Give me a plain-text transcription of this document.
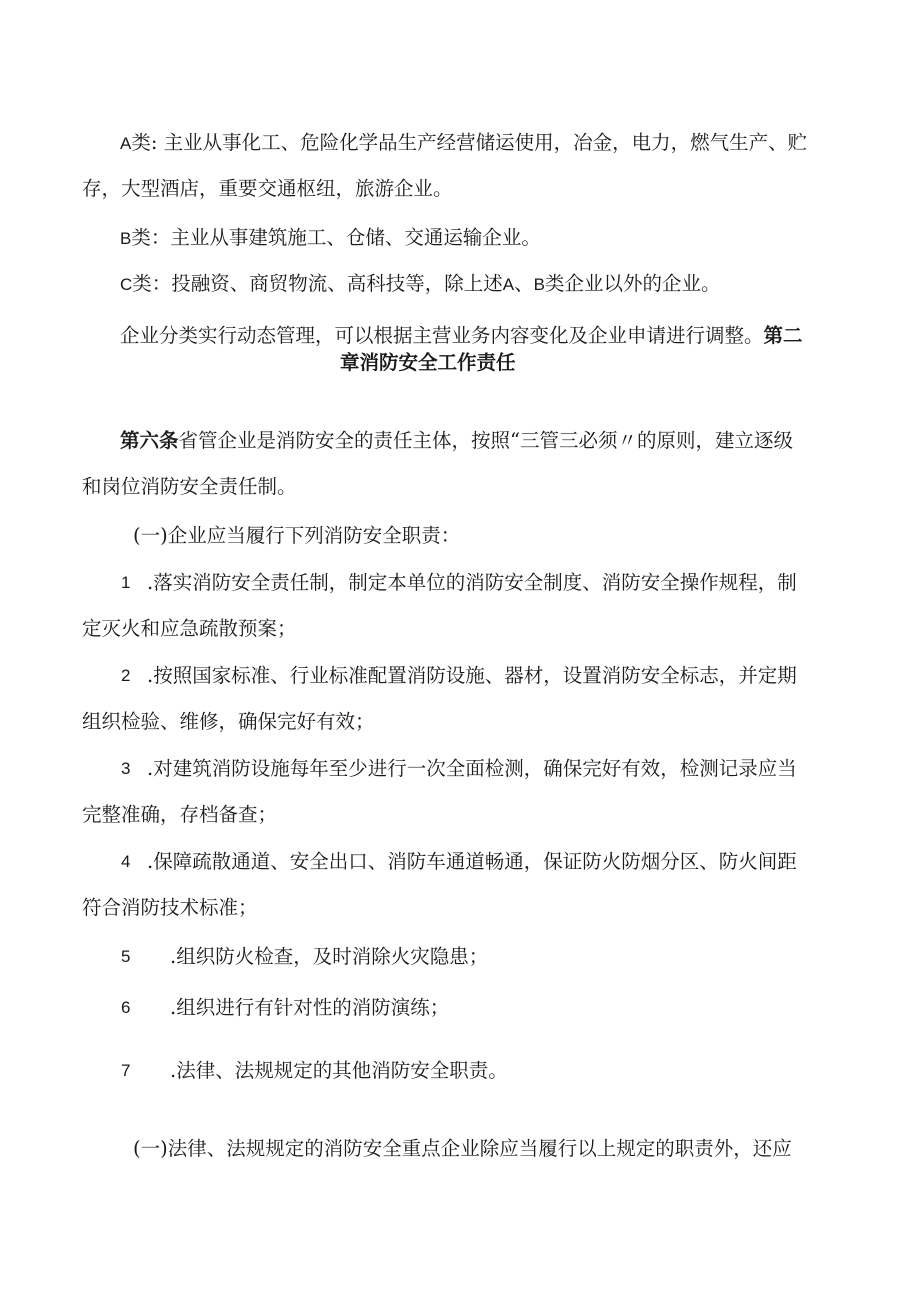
A类: 主业从事化工、危险化学品生产经营储运使用，冶金，电力，燃气生产、贮
存，大型酒店，重要交通枢纽，旅游企业。
B类：主业从事建筑施工、仓储、交通运输企业。
C类：投融资、商贸物流、高科技等，除上述A、B类企业以外的企业。
企业分类实行动态管理，可以根据主营业务内容变化及企业申请进行调整。第二
章消防安全工作责任
第六条省管企业是消防安全的责任主体，按照“三管三必须〃的原则，建立逐级
和岗位消防安全责任制。
(一)企业应当履行下列消防安全职责：
1 .落实消防安全责任制，制定本单位的消防安全制度、消防安全操作规程，制
定灭火和应急疏散预案；
2 .按照国家标准、行业标准配置消防设施、器材，设置消防安全标志，并定期
组织检验、维修，确保完好有效；
3 .对建筑消防设施每年至少进行一次全面检测，确保完好有效，检测记录应当
完整准确，存档备查；
4 .保障疏散通道、安全出口、消防车通道畅通，保证防火防烟分区、防火间距
符合消防技术标准；
5 .组织防火检查，及时消除火灾隐患；
6 .组织进行有针对性的消防演练；
7 .法律、法规规定的其他消防安全职责。
(一)法律、法规规定的消防安全重点企业除应当履行以上规定的职责外，还应
